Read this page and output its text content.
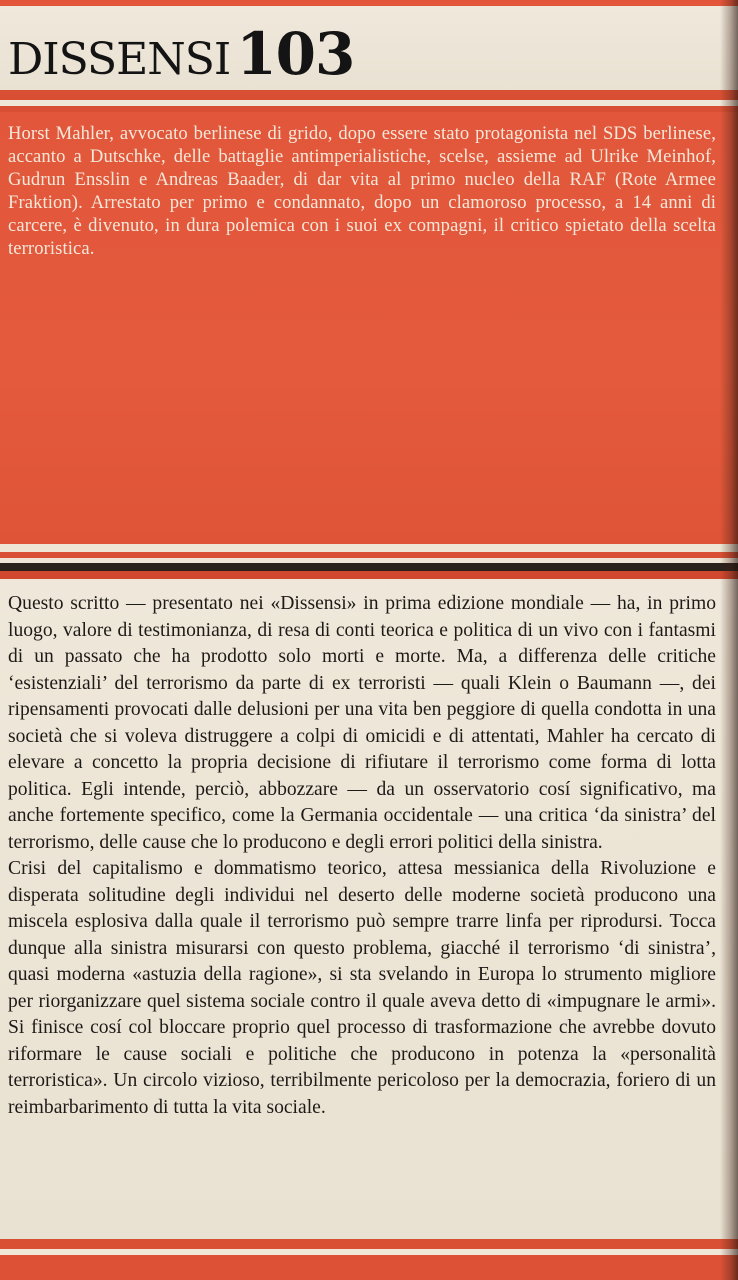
DISSENSI 103
Horst Mahler, avvocato berlinese di grido, dopo essere stato protagonista nel SDS berlinese, accanto a Dutschke, delle battaglie antimperialistiche, scelse, assieme ad Ulrike Meinhof, Gudrun Ensslin e Andreas Baader, di dar vita al primo nucleo della RAF (Rote Armee Fraktion). Arrestato per primo e condannato, dopo un clamoroso processo, a 14 anni di carcere, è divenuto, in dura polemica con i suoi ex compagni, il critico spietato della scelta terroristica.

Questo scritto — presentato nei «Dissensi» in prima edizione mondiale — ha, in primo luogo, valore di testimonianza, di resa di conti teorica e politica di un vivo con i fantasmi di un passato che ha prodotto solo morti e morte. Ma, a differenza delle critiche ‘esistenziali’ del terrorismo da parte di ex terroristi — quali Klein o Baumann —, dei ripensamenti provocati dalle delusioni per una vita ben peggiore di quella condotta in una società che si voleva distruggere a colpi di omicidi e di attentati, Mahler ha cercato di elevare a concetto la propria decisione di rifiutare il terrorismo come forma di lotta politica. Egli intende, perciò, abbozzare — da un osservatorio cosí significativo, ma anche fortemente specifico, come la Germania occidentale — una critica ‘da sinistra’ del terrorismo, delle cause che lo producono e degli errori politici della sinistra.

Crisi del capitalismo e dommatismo teorico, attesa messianica della Rivoluzione e disperata solitudine degli individui nel deserto delle moderne società producono una miscela esplosiva dalla quale il terrorismo può sempre trarre linfa per riprodursi. Tocca dunque alla sinistra misurarsi con questo problema, giacché il terrorismo ‘di sinistra’, quasi moderna «astuzia della ragione», si sta svelando in Europa lo strumento migliore per riorganizzare quel sistema sociale contro il quale aveva detto di «impugnare le armi». Si finisce cosí col bloccare proprio quel processo di trasformazione che avrebbe dovuto riformare le cause sociali e politiche che producono in potenza la «personalità terroristica». Un circolo vizioso, terribilmente pericoloso per la democrazia, foriero di un reimbarbarimento di tutta la vita sociale.
